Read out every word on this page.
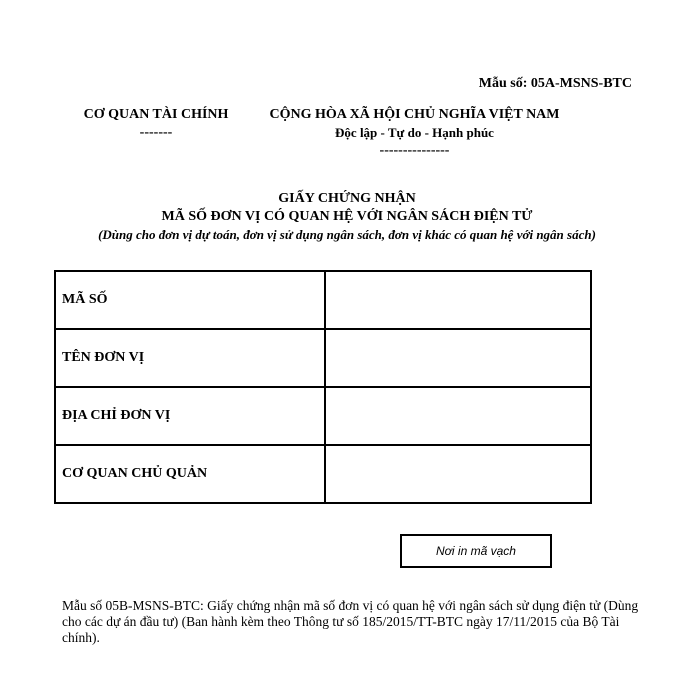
Mẫu số: 05A-MSNS-BTC
CƠ QUAN TÀI CHÍNH
-------
CỘNG HÒA XÃ HỘI CHỦ NGHĨA VIỆT NAM
Độc lập - Tự do - Hạnh phúc
---------------
GIẤY CHỨNG NHẬN
MÃ SỐ ĐƠN VỊ CÓ QUAN HỆ VỚI NGÂN SÁCH ĐIỆN TỬ
(Dùng cho đơn vị dự toán, đơn vị sử dụng ngân sách, đơn vị khác có quan hệ với ngân sách)
MÃ SỐ	
TÊN ĐƠN VỊ	
ĐỊA CHỈ ĐƠN VỊ	
CƠ QUAN CHỦ QUẢN	
Nơi in mã vạch
Mẫu số 05B-MSNS-BTC: Giấy chứng nhận mã số đơn vị có quan hệ với ngân sách sử dụng điện tử (Dùng cho các dự án đầu tư) (Ban hành kèm theo Thông tư số 185/2015/TT-BTC ngày 17/11/2015 của Bộ Tài chính).
